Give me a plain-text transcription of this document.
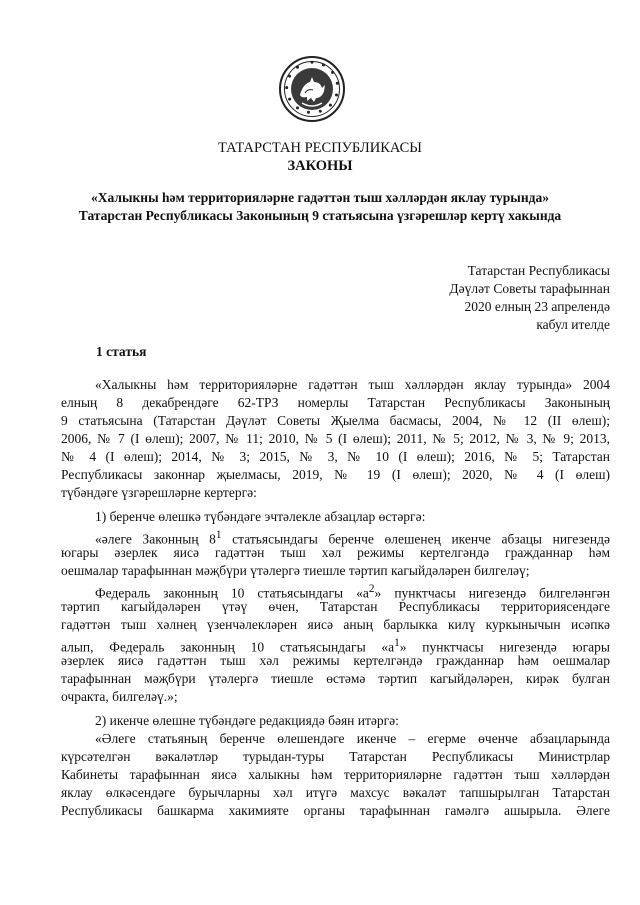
ТАТАРСТАН РЕСПУБЛИКАСЫ
ЗАКОНЫ
«Халыкны һәм территорияләрне гадәттән тыш хәлләрдән яклау турында»
Татарстан Республикасы Законының 9 статьясына үзгәрешләр кертү хакында
Татарстан Республикасы
Дәүләт Советы тарафыннан
2020 елның 23 апрелендә
кабул ителде
1 статья
«Халыкны һәм территорияләрне гадәттән тыш хәлләрдән яклау турында» 2004
елның 8 декабрендәге 62-ТРЗ номерлы Татарстан Республикасы Законының
9 статьясына (Татарстан Дәүләт Советы Җыелма басмасы, 2004, № 12 (II өлеш);
2006, № 7 (I өлеш); 2007, № 11; 2010, № 5 (I өлеш); 2011, № 5; 2012, № 3, № 9; 2013,
№ 4 (I өлеш); 2014, № 3; 2015, № 3, № 10 (I өлеш); 2016, № 5; Татарстан
Республикасы законнар җыелмасы, 2019, № 19 (I өлеш); 2020, № 4 (I өлеш)
түбәндәге үзгәрешләрне кертергә:
1) беренче өлешкә түбәндәге эчтәлекле абзацлар өстәргә:
«әлеге Законның $8^1$ статьясындагы беренче өлешенең икенче абзацы нигезендә
югары әзерлек яисә гадәттән тыш хәл режимы кертелгәндә гражданнар һәм
оешмалар тарафыннан мәҗбүри үтәлергә тиешле тәртип кагыйдәләрен билгеләү;
Федераль законның 10 статьясындагы «$а^2$» пунктчасы нигезендә билгеләнгән
тәртип кагыйдәләрен үтәү өчен, Татарстан Республикасы территориясендәге
гадәттән тыш хәлнең үзенчәлекләрен яисә аның барлыкка килү куркынычын исәпкә
алып, Федераль законның 10 статьясындагы «$а^1$» пунктчасы нигезендә югары
әзерлек яисә гадәттән тыш хәл режимы кертелгәндә гражданнар һәм оешмалар
тарафыннан мәҗбүри үтәлергә тиешле өстәмә тәртип кагыйдәләрен, кирәк булган
очракта, билгеләү.»;
2) икенче өлешне түбәндәге редакциядә бәян итәргә:
«Әлеге статьяның беренче өлешендәге икенче – егерме өченче абзацларында
күрсәтелгән вәкаләтләр турыдан-туры Татарстан Республикасы Министрлар
Кабинеты тарафыннан яисә халыкны һәм территорияләрне гадәттән тыш хәлләрдән
яклау өлкәсендәге бурычларны хәл итүгә махсус вәкаләт тапшырылган Татарстан
Республикасы башкарма хакимияте органы тарафыннан гамәлгә ашырыла. Әлеге
